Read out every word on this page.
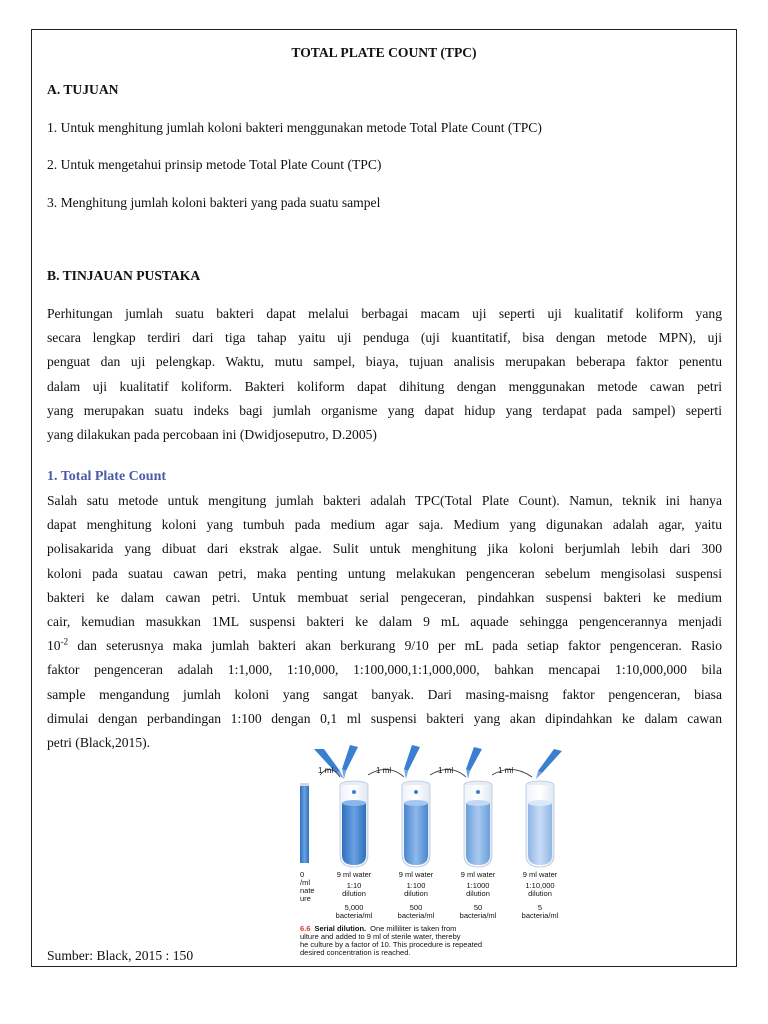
TOTAL PLATE COUNT (TPC)
A. TUJUAN
1. Untuk menghitung jumlah koloni bakteri menggunakan metode Total Plate Count (TPC)
2. Untuk mengetahui prinsip metode Total Plate Count (TPC)
3. Menghitung jumlah koloni bakteri yang pada suatu sampel
B. TINJAUAN PUSTAKA
Perhitungan jumlah suatu bakteri dapat melalui berbagai macam uji seperti uji kualitatif koliform yang
secara lengkap terdiri dari tiga tahap yaitu uji penduga (uji kuantitatif, bisa dengan metode MPN), uji
penguat dan uji pelengkap. Waktu, mutu sampel, biaya, tujuan analisis merupakan beberapa faktor penentu
dalam uji kualitatif koliform. Bakteri koliform dapat dihitung dengan menggunakan metode cawan petri
yang merupakan suatu indeks bagi jumlah organisme yang dapat hidup yang terdapat pada sampel) seperti
yang dilakukan pada percobaan ini (Dwidjoseputro, D.2005)
1. Total Plate Count
Salah satu metode untuk mengitung jumlah bakteri adalah TPC(Total Plate Count). Namun, teknik ini hanya
dapat menghitung koloni yang tumbuh pada medium agar saja. Medium yang digunakan adalah agar, yaitu
polisakarida yang dibuat dari ekstrak algae. Sulit untuk menghitung jika koloni berjumlah lebih dari 300
koloni pada suatau cawan petri, maka penting untung melakukan pengenceran sebelum mengisolasi suspensi
bakteri ke dalam cawan petri. Untuk membuat serial pengeceran, pindahkan suspensi bakteri ke medium
cair, kemudian masukkan 1ML suspensi bakteri ke dalam 9 mL aquade sehingga pengencerannya menjadi
$10^{-2}$ dan seterusnya maka jumlah bakteri akan berkurang 9/10 per mL pada setiap faktor pengenceran. Rasio
faktor pengenceran adalah 1:1,000, 1:10,000, 1:100,000,1:1,000,000, bahkan mencapai 1:10,000,000 bila
sample mengandung jumlah koloni yang sangat banyak. Dari masing-maisng faktor pengenceran, biasa
dimulai dengan perbandingan 1:100 dengan 0,1 ml suspensi bakteri yang akan dipindahkan ke dalam cawan
petri (Black,2015).
Sumber: Black, 2015 : 150
1 ml	1 ml	1 ml	1 ml
0
/ml
nate
ure
9 ml water
1:10
dilution
5,000
bacteria/ml
9 ml water
1:100
dilution
500
bacteria/ml
9 ml water
1:1000
dilution
50
bacteria/ml
9 ml water
1:10,000
dilution
5
bacteria/ml
6.6 Serial dilution. One milliliter is taken from
ulture and added to 9 ml of sterile water, thereby
he culture by a factor of 10. This procedure is repeated
desired concentration is reached.
